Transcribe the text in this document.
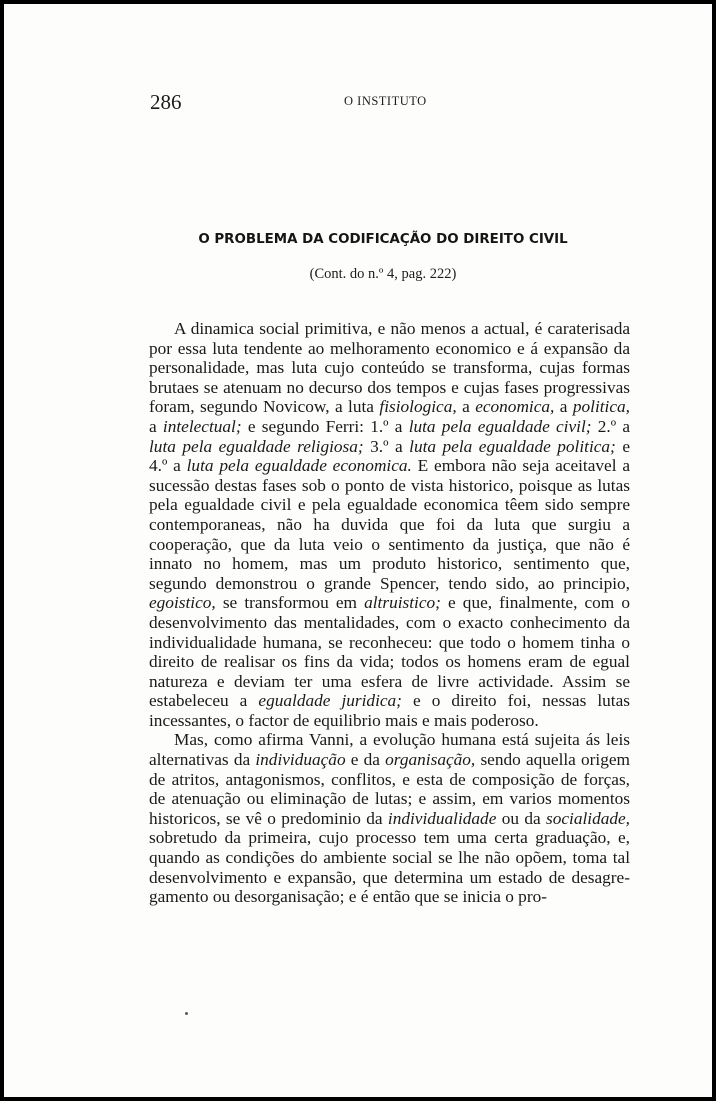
286	O INSTITUTO
O PROBLEMA DA CODIFICAÇÃO DO DIREITO CIVIL
(Cont. do n.º 4, pag. 222)

A dinamica social primitiva, e não menos a actual, é caraterisada por essa luta tendente ao melhoramento economico e á expansão da personalidade, mas luta cujo conteúdo se transforma, cujas formas brutaes se atenuam no decurso dos tempos e cujas fases progressivas foram, segundo Novicow, a luta fisiologica, a economica, a politica, a intelectual; e segundo Ferri: 1.º a luta pela egualdade civil; 2.º a luta pela egualdade religiosa; 3.º a luta pela egualdade politica; e 4.º a luta pela egualdade economica. E embora não seja aceitavel a sucessão destas fases sob o ponto de vista historico, poisque as lutas pela egualdade civil e pela egualdade economica têem sido sempre contemporaneas, não ha duvida que foi da luta que surgiu a cooperação, que da luta veio o sentimento da justiça, que não é innato no homem, mas um produto historico, sentimento que, segundo demonstrou o grande Spencer, tendo sido, ao principio, egoistico, se transformou em altruistico; e que, finalmente, com o desenvolvimento das mentalidades, com o exacto conhecimento da individualidade humana, se reconheceu: que todo o homem tinha o direito de realisar os fins da vida; todos os homens eram de egual natureza e deviam ter uma esfera de livre actividade. Assim se estabeleceu a egualdade juridica; e o direito foi, nessas lutas incessantes, o factor de equilibrio mais e mais poderoso.

Mas, como afirma Vanni, a evolução humana está sujeita ás leis alternativas da individuação e da organisação, sendo aquella origem de atritos, antagonismos, conflitos, e esta de composição de forças, de atenuação ou eliminação de lutas; e assim, em varios momentos historicos, se vê o predominio da individualidade ou da socialidade, sobretudo da primeira, cujo processo tem uma certa graduação, e, quando as condições do ambiente social se lhe não opõem, toma tal desenvolvimento e expansão, que determina um estado de desagregamento ou desorganisação; e é então que se inicia o pro-
